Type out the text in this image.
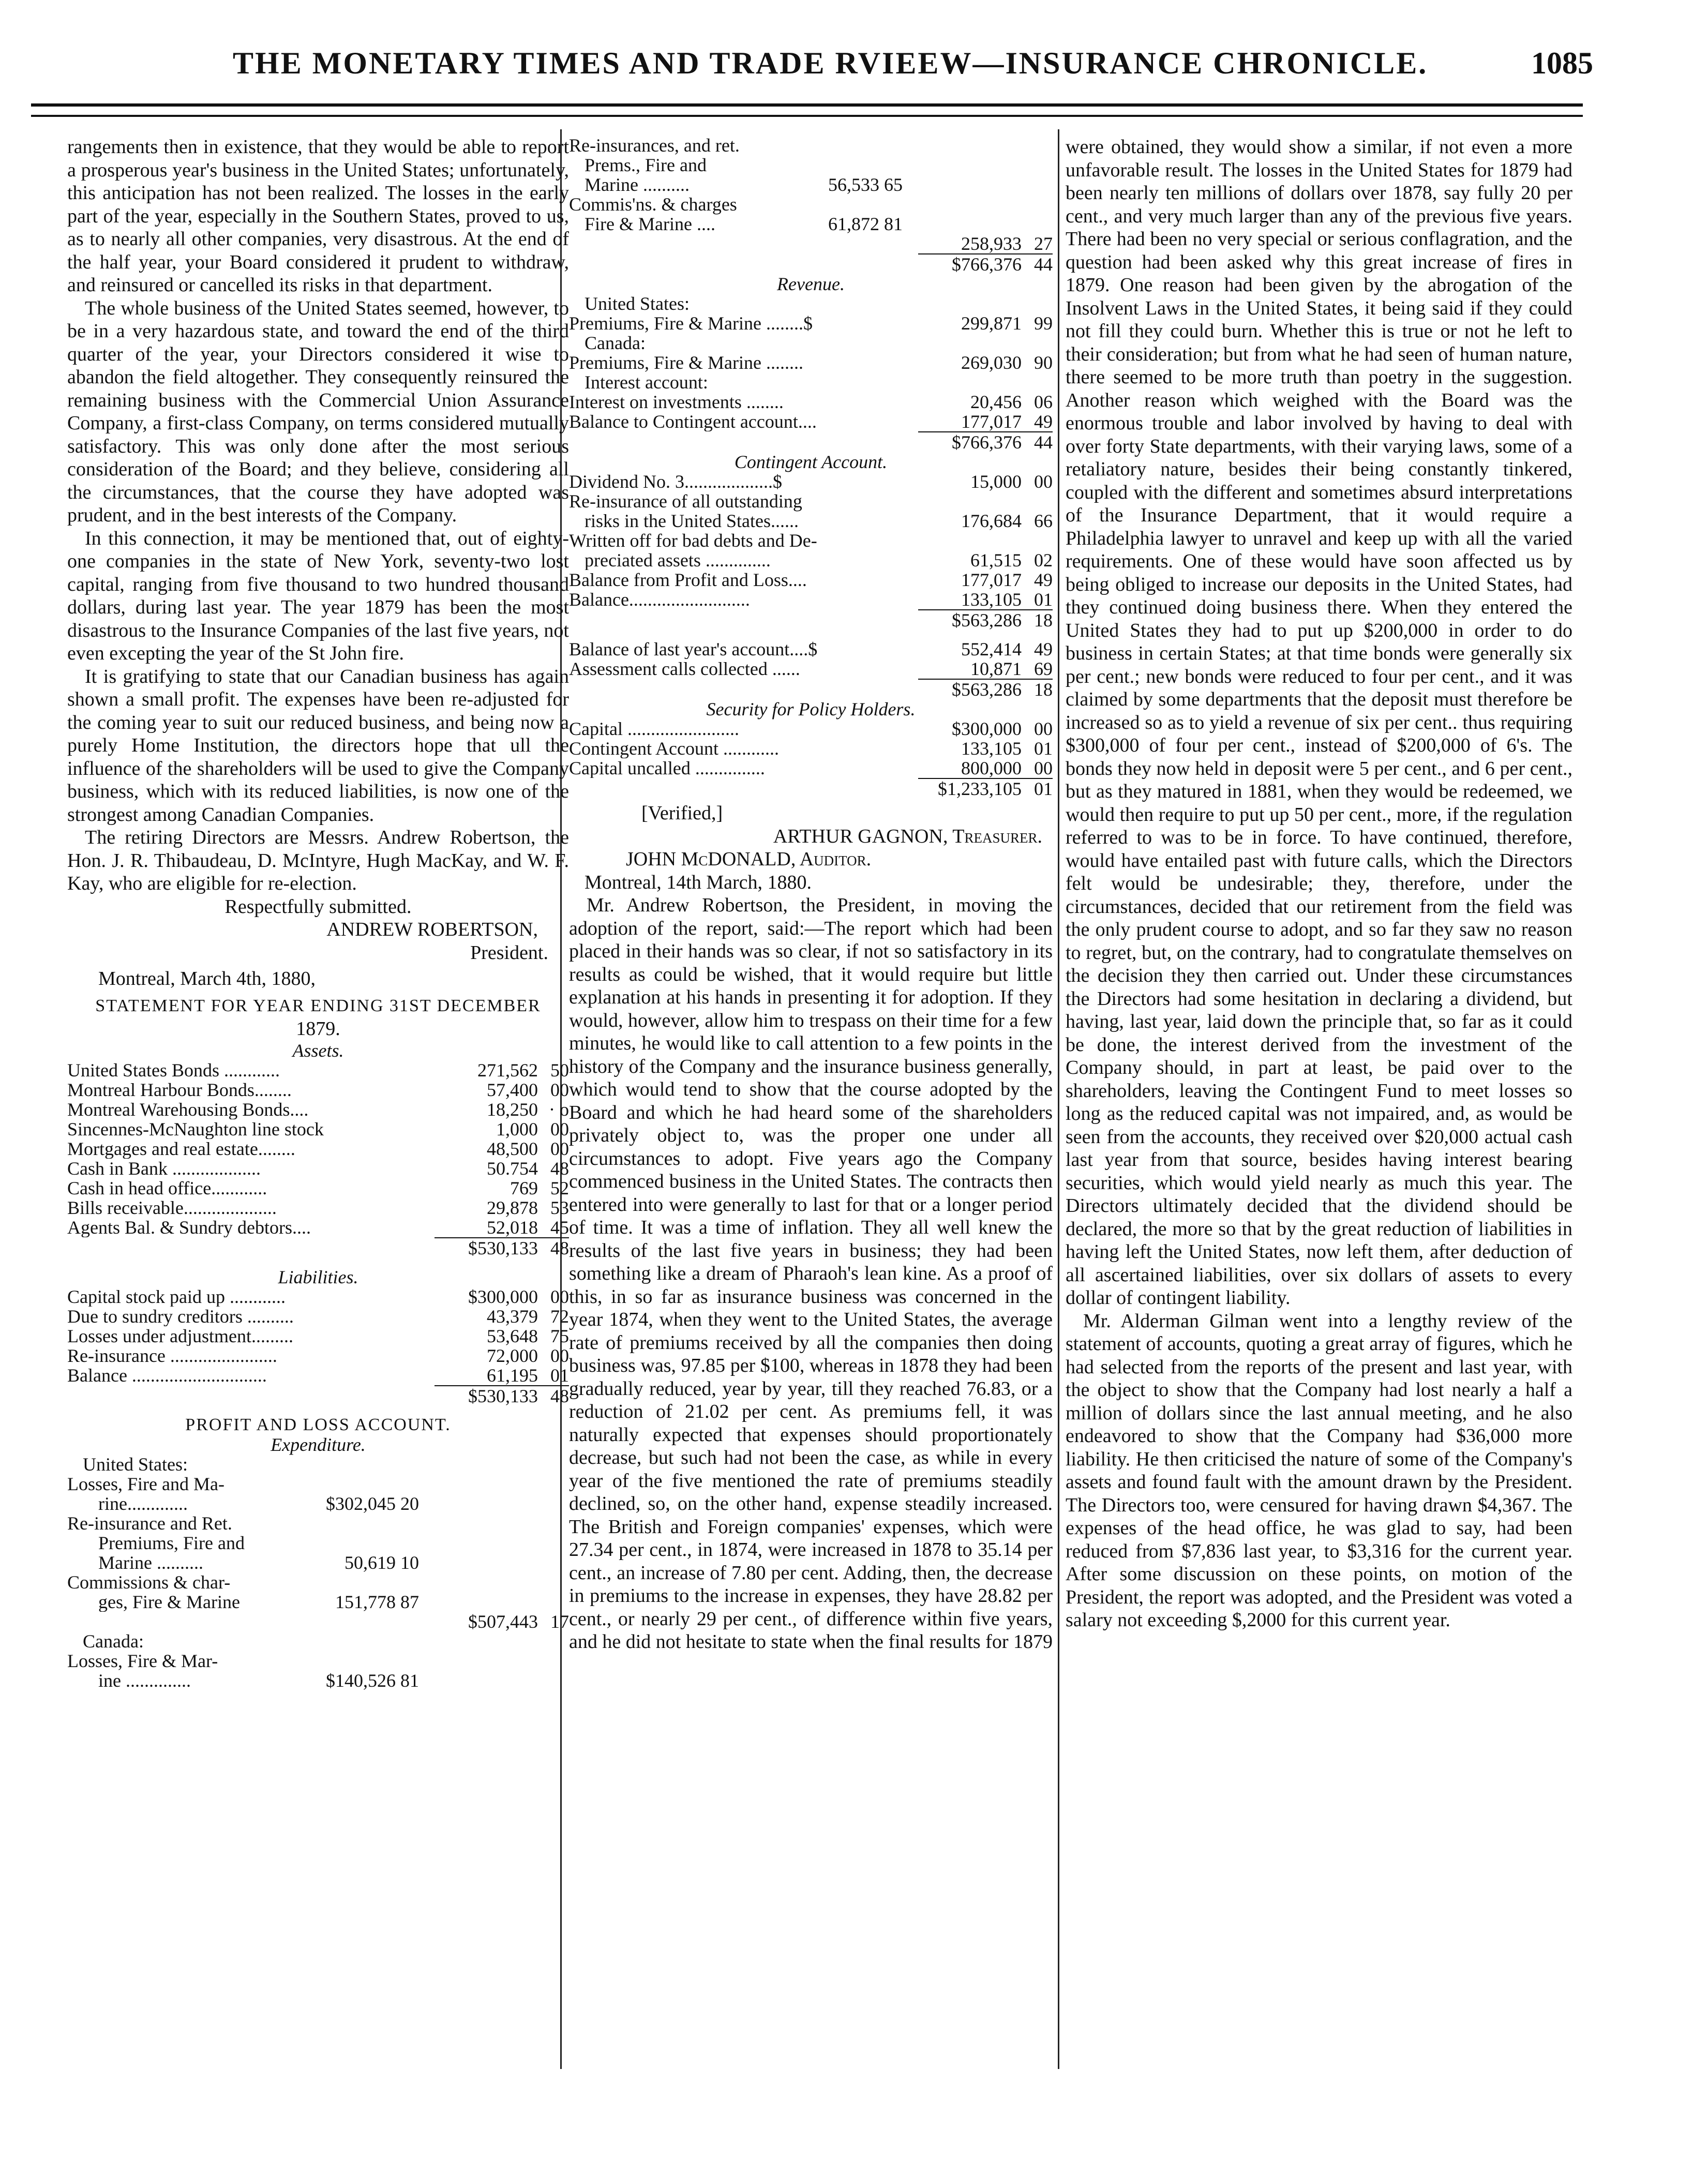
THE MONETARY TIMES AND TRADE RVIEEW—INSURANCE CHRONICLE.	1085

rangements then in existence, that they would be able to report a prosperous year's business in the United States; unfortunately, this anticipation has not been realized. The losses in the early part of the year, especially in the Southern States, proved to us, as to nearly all other companies, very disastrous. At the end of the half year, your Board considered it prudent to withdraw, and reinsured or cancelled its risks in that department.

The whole business of the United States seemed, however, to be in a very hazardous state, and toward the end of the third quarter of the year, your Directors considered it wise to abandon the field altogether. They consequently reinsured the remaining business with the Commercial Union Assurance Company, a first-class Company, on terms considered mutually satisfactory. This was only done after the most serious consideration of the Board; and they believe, considering all the circumstances, that the course they have adopted was prudent, and in the best interests of the Company.

In this connection, it may be mentioned that, out of eighty-one companies in the state of New York, seventy-two lost capital, ranging from five thousand to two hundred thousand dollars, during last year. The year 1879 has been the most disastrous to the Insurance Companies of the last five years, not even excepting the year of the St John fire.

It is gratifying to state that our Canadian business has again shown a small profit. The expenses have been re-adjusted for the coming year to suit our reduced business, and being now a purely Home Institution, the directors hope that ull the influence of the shareholders will be used to give the Company business, which with its reduced liabilities, is now one of the strongest among Canadian Companies.

The retiring Directors are Messrs. Andrew Robertson, the Hon. J. R. Thibaudeau, D. McIntyre, Hugh MacKay, and W. F. Kay, who are eligible for re-election.

Respectfully submitted.
ANDREW ROBERTSON,
President.
Montreal, March 4th, 1880,
STATEMENT FOR YEAR ENDING 31ST DECEMBER
1879.
Assets.
United States Bonds ............	271,562 50
Montreal Harbour Bonds........	57,400 00
Montreal Warehousing Bonds....	18,250 · o
Sincennes-McNaughton line stock	1,000 00
Mortgages and real estate........	48,500 00
Cash in Bank ...................	50.754 48
Cash in head office............	769 52
Bills receivable....................	29,878 53
Agents Bal. & Sundry debtors....	52,018 45
$530,133 48
Liabilities.
Capital stock paid up ............	$300,000 00
Due to sundry creditors ..........	43,379 72
Losses under adjustment.........	53,648 75
Re-insurance .......................	72,000 00
Balance .............................	61,195 01
$530,133 48
PROFIT AND LOSS ACCOUNT.
Expenditure.
United States:
Losses, Fire and Ma-
rine.............	$302,045 20
Re-insurance and Ret.
Premiums, Fire and
Marine ..........	50,619 10
Commissions & char-
ges, Fire & Marine	151,778 87
$507,443 17
Canada:
Losses, Fire & Mar-
ine ..............	$140,526 81
Re-insurances, and ret.
Prems., Fire and
Marine ..........	56,533 65
Commis'ns. & charges
Fire & Marine ....	61,872 81
258,933 27
$766,376 44
Revenue.
United States:
Premiums, Fire & Marine ........$	299,871 99
Canada:
Premiums, Fire & Marine ........	269,030 90
Interest account:
Interest on investments ........	20,456 06
Balance to Contingent account....	177,017 49
$766,376 44
Contingent Account.
Dividend No. 3...................$	15,000 00
Re-insurance of all outstanding
risks in the United States......	176,684 66
Written off for bad debts and De-
preciated assets ..............	61,515 02
Balance from Profit and Loss....	177,017 49
Balance..........................	133,105 01
$563,286 18
Balance of last year's account....$	552,414 49
Assessment calls collected ......	10,871 69
$563,286 18
Security for Policy Holders.
Capital ........................	$300,000 00
Contingent Account ............	133,105 01
Capital uncalled ...............	800,000 00
$1,233,105 01
[Verified,]
ARTHUR GAGNON, Treasurer.
JOHN McDONALD, Auditor.
Montreal, 14th March, 1880.

Mr. Andrew Robertson, the President, in moving the adoption of the report, said:—The report which had been placed in their hands was so clear, if not so satisfactory in its results as could be wished, that it would require but little explanation at his hands in presenting it for adoption. If they would, however, allow him to trespass on their time for a few minutes, he would like to call attention to a few points in the history of the Company and the insurance business generally, which would tend to show that the course adopted by the Board and which he had heard some of the shareholders privately object to, was the proper one under all circumstances to adopt. Five years ago the Company commenced business in the United States. The contracts then entered into were generally to last for that or a longer period of time. It was a time of inflation. They all well knew the results of the last five years in business; they had been something like a dream of Pharaoh's lean kine. As a proof of this, in so far as insurance business was concerned in the year 1874, when they went to the United States, the average rate of premiums received by all the companies then doing business was, 97.85 per $100, whereas in 1878 they had been gradually reduced, year by year, till they reached 76.83, or a reduction of 21.02 per cent. As premiums fell, it was naturally expected that expenses should proportionately decrease, but such had not been the case, as while in every year of the five mentioned the rate of premiums steadily declined, so, on the other hand, expense steadily increased. The British and Foreign companies' expenses, which were 27.34 per cent., in 1874, were increased in 1878 to 35.14 per cent., an increase of 7.80 per cent. Adding, then, the decrease in premiums to the increase in expenses, they have 28.82 per cent., or nearly 29 per cent., of difference within five years, and he did not hesitate to state when the final results for 1879

were obtained, they would show a similar, if not even a more unfavorable result. The losses in the United States for 1879 had been nearly ten millions of dollars over 1878, say fully 20 per cent., and very much larger than any of the previous five years. There had been no very special or serious conflagration, and the question had been asked why this great increase of fires in 1879. One reason had been given by the abrogation of the Insolvent Laws in the United States, it being said if they could not fill they could burn. Whether this is true or not he left to their consideration; but from what he had seen of human nature, there seemed to be more truth than poetry in the suggestion. Another reason which weighed with the Board was the enormous trouble and labor involved by having to deal with over forty State departments, with their varying laws, some of a retaliatory nature, besides their being constantly tinkered, coupled with the different and sometimes absurd interpretations of the Insurance Department, that it would require a Philadelphia lawyer to unravel and keep up with all the varied requirements. One of these would have soon affected us by being obliged to increase our deposits in the United States, had they continued doing business there. When they entered the United States they had to put up $200,000 in order to do business in certain States; at that time bonds were generally six per cent.; new bonds were reduced to four per cent., and it was claimed by some departments that the deposit must therefore be increased so as to yield a revenue of six per cent.. thus requiring $300,000 of four per cent., instead of $200,000 of 6's. The bonds they now held in deposit were 5 per cent., and 6 per cent., but as they matured in 1881, when they would be redeemed, we would then require to put up 50 per cent., more, if the regulation referred to was to be in force. To have continued, therefore, would have entailed past with future calls, which the Directors felt would be undesirable; they, therefore, under the circumstances, decided that our retirement from the field was the only prudent course to adopt, and so far they saw no reason to regret, but, on the contrary, had to congratulate themselves on the decision they then carried out. Under these circumstances the Directors had some hesitation in declaring a dividend, but having, last year, laid down the principle that, so far as it could be done, the interest derived from the investment of the Company should, in part at least, be paid over to the shareholders, leaving the Contingent Fund to meet losses so long as the reduced capital was not impaired, and, as would be seen from the accounts, they received over $20,000 actual cash last year from that source, besides having interest bearing securities, which would yield nearly as much this year. The Directors ultimately decided that the dividend should be declared, the more so that by the great reduction of liabilities in having left the United States, now left them, after deduction of all ascertained liabilities, over six dollars of assets to every dollar of contingent liability.

Mr. Alderman Gilman went into a lengthy review of the statement of accounts, quoting a great array of figures, which he had selected from the reports of the present and last year, with the object to show that the Company had lost nearly a half a million of dollars since the last annual meeting, and he also endeavored to show that the Company had $36,000 more liability. He then criticised the nature of some of the Company's assets and found fault with the amount drawn by the President. The Directors too, were censured for having drawn $4,367. The expenses of the head office, he was glad to say, had been reduced from $7,836 last year, to $3,316 for the current year. After some discussion on these points, on motion of the President, the report was adopted, and the President was voted a salary not exceeding $,2000 for this current year.
